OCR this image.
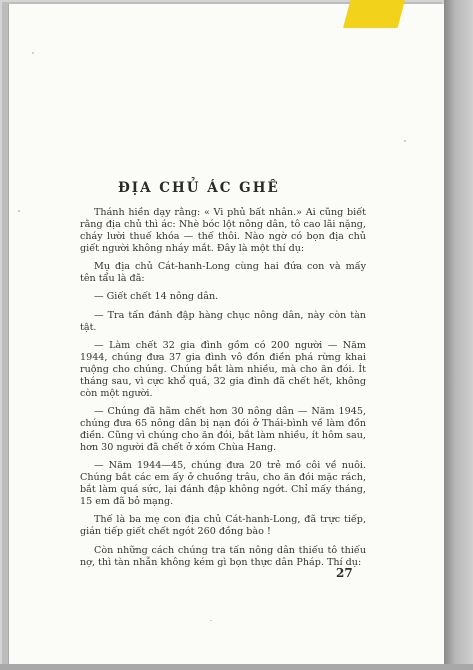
ĐỊA CHỦ ÁC GHÊ

Thánh hiền dạy rằng: « Vi phủ bất nhân.» Ai cũng biết rằng địa chủ thì ác: Nhè bóc lột nông dân, tô cao lãi nặng, cháy lười thuế khóa — thế thôi. Nào ngờ có bọn địa chủ giết người không nháy mắt. Đây là một thí dụ:

Mụ địa chủ Cát-hanh-Long cùng hai đứa con và mấy tên tẩu là đã:

— Giết chết 14 nông dân.

— Tra tấn đánh đập hàng chục nông dân, này còn tàn tật.

— Làm chết 32 gia đình gồm có 200 người — Năm 1944, chúng đưa 37 gia đình vô đồn điền phá rừng khai ruộng cho chúng. Chúng bắt làm nhiều, mà cho ăn đói. Ít tháng sau, vì cực khổ quá, 32 gia đình đã chết hết, không còn một người.

— Chúng đã hãm chết hơn 30 nông dân — Năm 1945, chúng đưa 65 nông dân bị nạn đói ở Thái-bình về làm đồn điền. Cũng vì chúng cho ăn đói, bắt làm nhiều, ít hôm sau, hơn 30 người đã chết ở xóm Chùa Hang.

— Năm 1944—45, chúng đưa 20 trẻ mồ côi về nuôi. Chúng bắt các em ấy ở chuồng trâu, cho ăn đói mặc rách, bắt làm quá sức, lại đánh đập không ngớt. Chỉ mấy tháng, 15 em đã bỏ mạng.

Thế là ba mẹ con địa chủ Cát-hanh-Long, đã trực tiếp, gián tiếp giết chết ngót 260 đồng bào !

Còn những cách chúng tra tấn nông dân thiếu tô thiếu nợ, thì tàn nhẫn không kém gì bọn thực dân Pháp. Thí dụ:

27
